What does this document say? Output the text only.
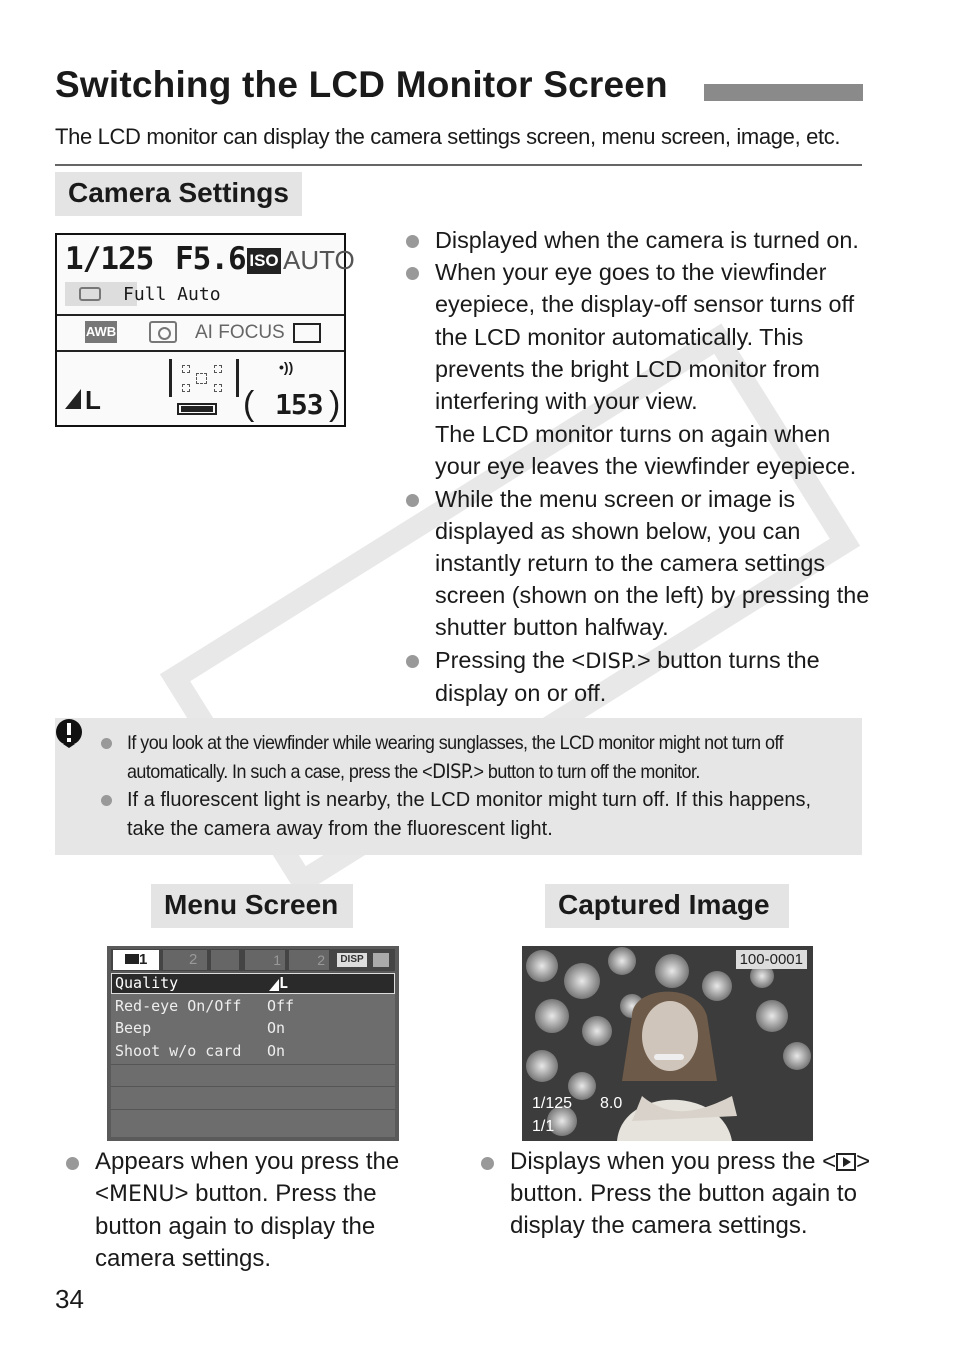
Switching the LCD Monitor Screen
The LCD monitor can display the camera settings screen, menu screen, image, etc.
Camera Settings
1/125 F5.6 ISO AUTO
Full Auto
AWB	AI FOCUS
L
•))
( 153 )
Displayed when the camera is turned on.
When your eye goes to the viewfinder eyepiece, the display-off sensor turns off the LCD monitor automatically. This prevents the bright LCD monitor from interfering with your view.
The LCD monitor turns on again when your eye leaves the viewfinder eyepiece.
While the menu screen or image is displayed as shown below, you can instantly return to the camera settings screen (shown on the left) by pressing the shutter button halfway.
Pressing the <DISP.> button turns the display on or off.
If you look at the viewfinder while wearing sunglasses, the LCD monitor might not turn off automatically. In such a case, press the <DISP.> button to turn off the monitor.
If a fluorescent light is nearby, the LCD monitor might turn off. If this happens, take the camera away from the fluorescent light.
Menu Screen	Captured Image
1	2	1	2	DISP
Quality	L
Red-eye On/Off Off
Beep	On
Shoot w/o card On
100-0001
1/125 8.0
1/1
Appears when you press the <MENU> button. Press the button again to display the camera settings.
Displays when you press the < > button. Press the button again to display the camera settings.
34
